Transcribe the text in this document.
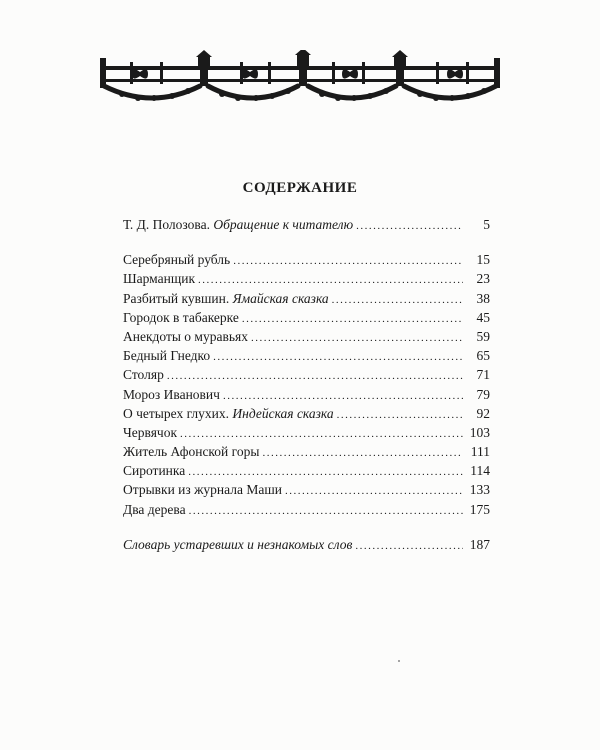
СОДЕРЖАНИЕ
Т. Д. Полозова. Обращение к читателю .....	5
Серебряный рубль .....	15
Шарманщик .....	23
Разбитый кувшин. Ямайская сказка .....	38
Городок в табакерке .....	45
Анекдоты о муравьях .....	59
Бедный Гнедко .....	65
Столяр .....	71
Мороз Иванович .....	79
О четырех глухих. Индейская сказка .....	92
Червячок .....	103
Житель Афонской горы .....	111
Сиротинка .....	114
Отрывки из журнала Маши .....	133
Два дерева .....	175
Словарь устаревших и незнакомых слов .....	187
